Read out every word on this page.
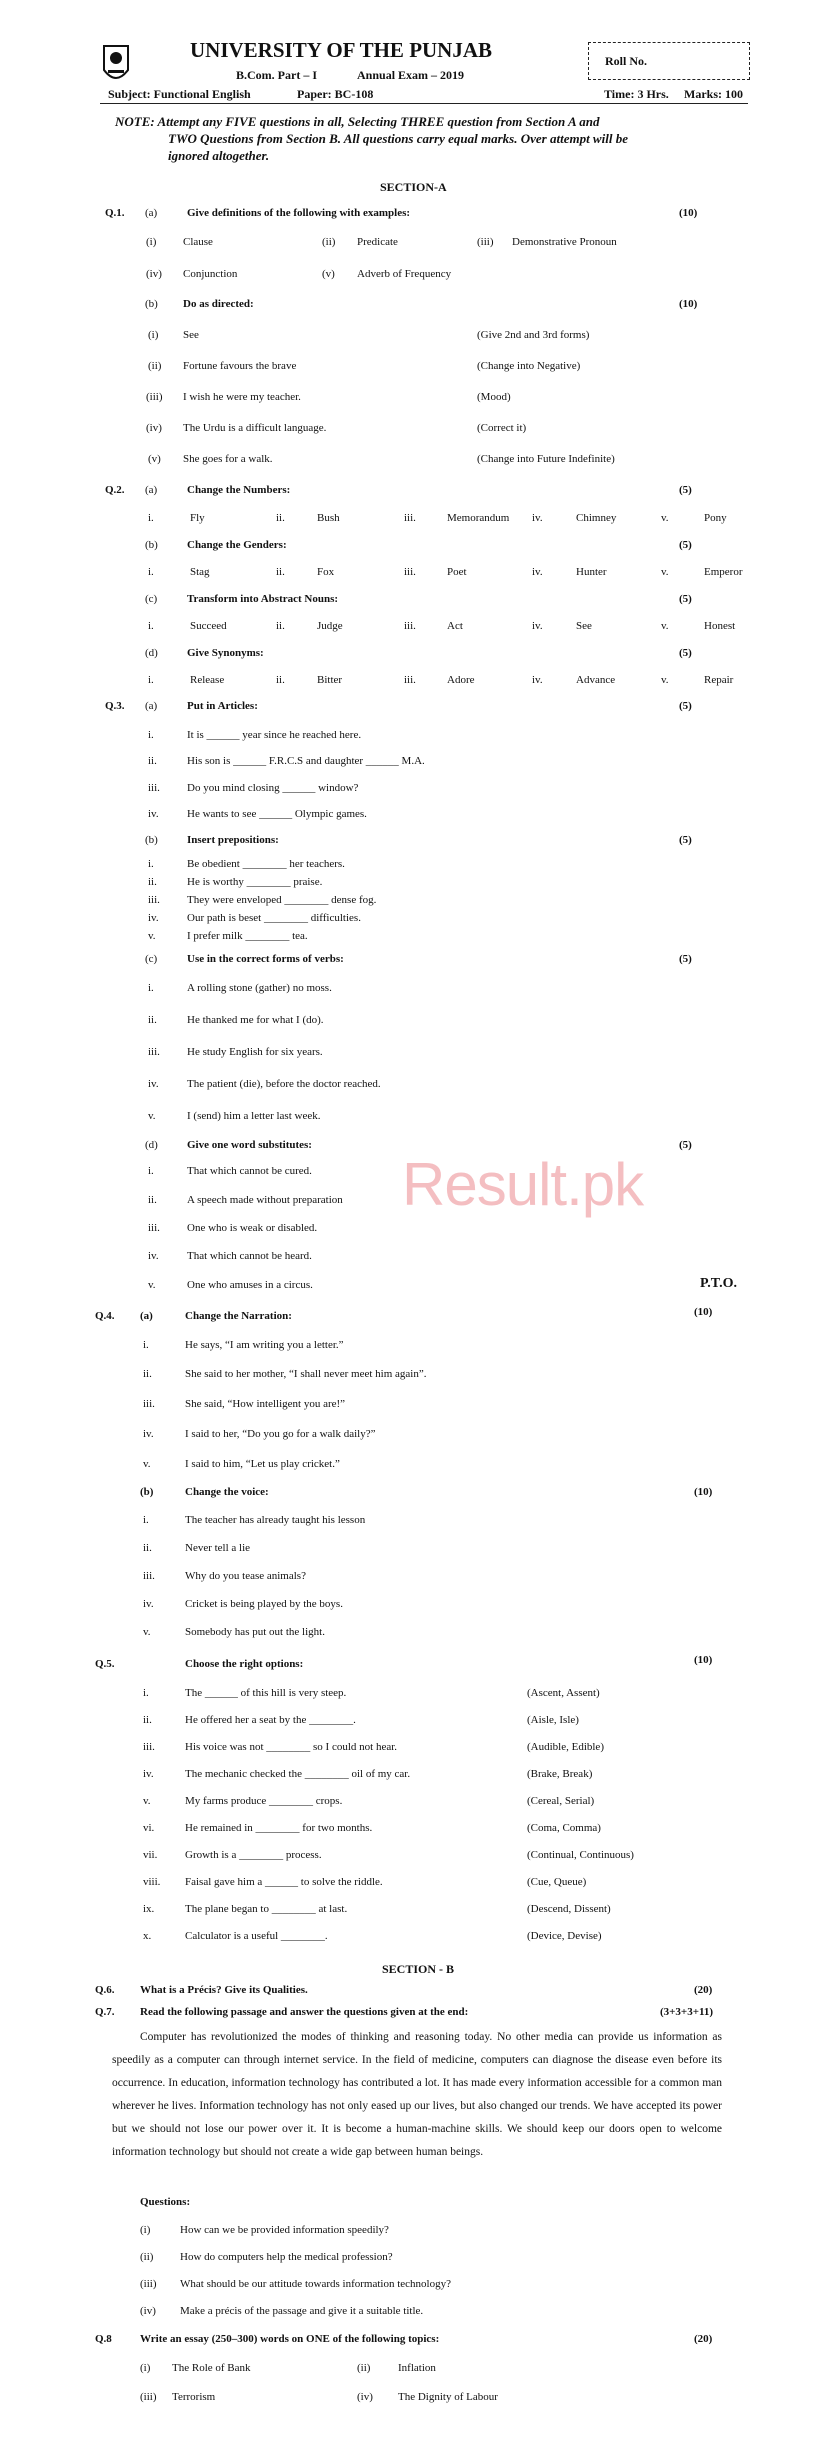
UNIVERSITY OF THE PUNJAB
B.Com. Part – I	Annual Exam – 2019
Roll No.
Subject: Functional English	Paper: BC-108	Time: 3 Hrs. Marks: 100
NOTE: Attempt any FIVE questions in all, Selecting THREE question from Section A and
TWO Questions from Section B. All questions carry equal marks. Over attempt will be
ignored altogether.
SECTION-A
Q.1. (a)	Give definitions of the following with examples:	(10)
(i) Clause	(ii) Predicate	(iii) Demonstrative Pronoun
(iv) Conjunction	(v) Adverb of Frequency
(b) Do as directed:	(10)
(i) See	(Give 2nd and 3rd forms)
(ii) Fortune favours the brave	(Change into Negative)
(iii) I wish he were my teacher.	(Mood)
(iv) The Urdu is a difficult language.	(Correct it)
(v) She goes for a walk.	(Change into Future Indefinite)
Q.2. (a)	Change the Numbers:	(5)
i.	Fly	ii.	Bush	iii.	Memorandum iv.	Chimney	v.	Pony
(b)	Change the Genders:	(5)
i.	Stag	ii.	Fox	iii.	Poet	iv.	Hunter	v.	Emperor
(c)	Transform into Abstract Nouns:	(5)
i.	Succeed	ii.	Judge	iii.	Act	iv.	See	v.	Honest
(d)	Give Synonyms:	(5)
i.	Release	ii.	Bitter	iii.	Adore	iv.	Advance	v.	Repair
Q.3. (a)	Put in Articles:	(5)
i.	It is ______ year since he reached here.
ii.	His son is ______ F.R.C.S and daughter ______ M.A.
iii. Do you mind closing ______ window?
iv.	He wants to see ______ Olympic games.
(b)	Insert prepositions:	(5)
i.	Be obedient ________ her teachers.
ii.	He is worthy ________ praise.
iii. They were enveloped ________ dense fog.
iv.	Our path is beset ________ difficulties.
v.	I prefer milk ________ tea.
(c)	Use in the correct forms of verbs:	(5)
i.	A rolling stone (gather) no moss.
ii.	He thanked me for what I (do).
iii. He study English for six years.
iv.	The patient (die), before the doctor reached.
v.	I (send) him a letter last week.
(d)	Give one word substitutes:	(5)
i.	That which cannot be cured.
ii.	A speech made without preparation
iii. One who is weak or disabled.
iv.	That which cannot be heard.
v.	One who amuses in a circus.	P.T.O.
Result.pk
Q.4. (a)	Change the Narration:	(10)
i.	He says, “I am writing you a letter.”
ii.	She said to her mother, “I shall never meet him again”.
iii.	She said, “How intelligent you are!”
iv.	I said to her, “Do you go for a walk daily?”
v.	I said to him, “Let us play cricket.”
(b)	Change the voice:	(10)
i.	The teacher has already taught his lesson
ii.	Never tell a lie
iii.	Why do you tease animals?
iv.	Cricket is being played by the boys.
v.	Somebody has put out the light.
Q.5.	Choose the right options:	(10)
i.	The ______ of this hill is very steep.	(Ascent, Assent)
ii.	He offered her a seat by the ________.	(Aisle, Isle)
iii.	His voice was not ________ so I could not hear.	(Audible, Edible)
iv.	The mechanic checked the ________ oil of my car.	(Brake, Break)
v.	My farms produce ________ crops.	(Cereal, Serial)
vi.	He remained in ________ for two months.	(Coma, Comma)
vii.	Growth is a ________ process.	(Continual, Continuous)
viii. Faisal gave him a ______ to solve the riddle.	(Cue, Queue)
ix.	The plane began to ________ at last.	(Descend, Dissent)
x.	Calculator is a useful ________.	(Device, Devise)
SECTION - B
Q.6. What is a Précis? Give its Qualities.	(20)
Q.7. Read the following passage and answer the questions given at the end:	(3+3+3+11)
Computer has revolutionized the modes of thinking and reasoning today. No other media can provide us information as speedily as a computer can through internet service. In the field of medicine, computers can diagnose the disease even before its occurrence. In education, information technology has contributed a lot. It has made every information accessible for a common man wherever he lives. Information technology has not only eased up our lives, but also changed our trends. We have accepted its power but we should not lose our power over it. It is become a human-machine skills. We should keep our doors open to welcome information technology but should not create a wide gap between human beings.
Questions:
(i)	How can we be provided information speedily?
(ii) How do computers help the medical profession?
(iii) What should be our attitude towards information technology?
(iv) Make a précis of the passage and give it a suitable title.
Q.8	Write an essay (250–300) words on ONE of the following topics:	(20)
(i) The Role of Bank	(ii)	Inflation
(iii) Terrorism	(iv) The Dignity of Labour
